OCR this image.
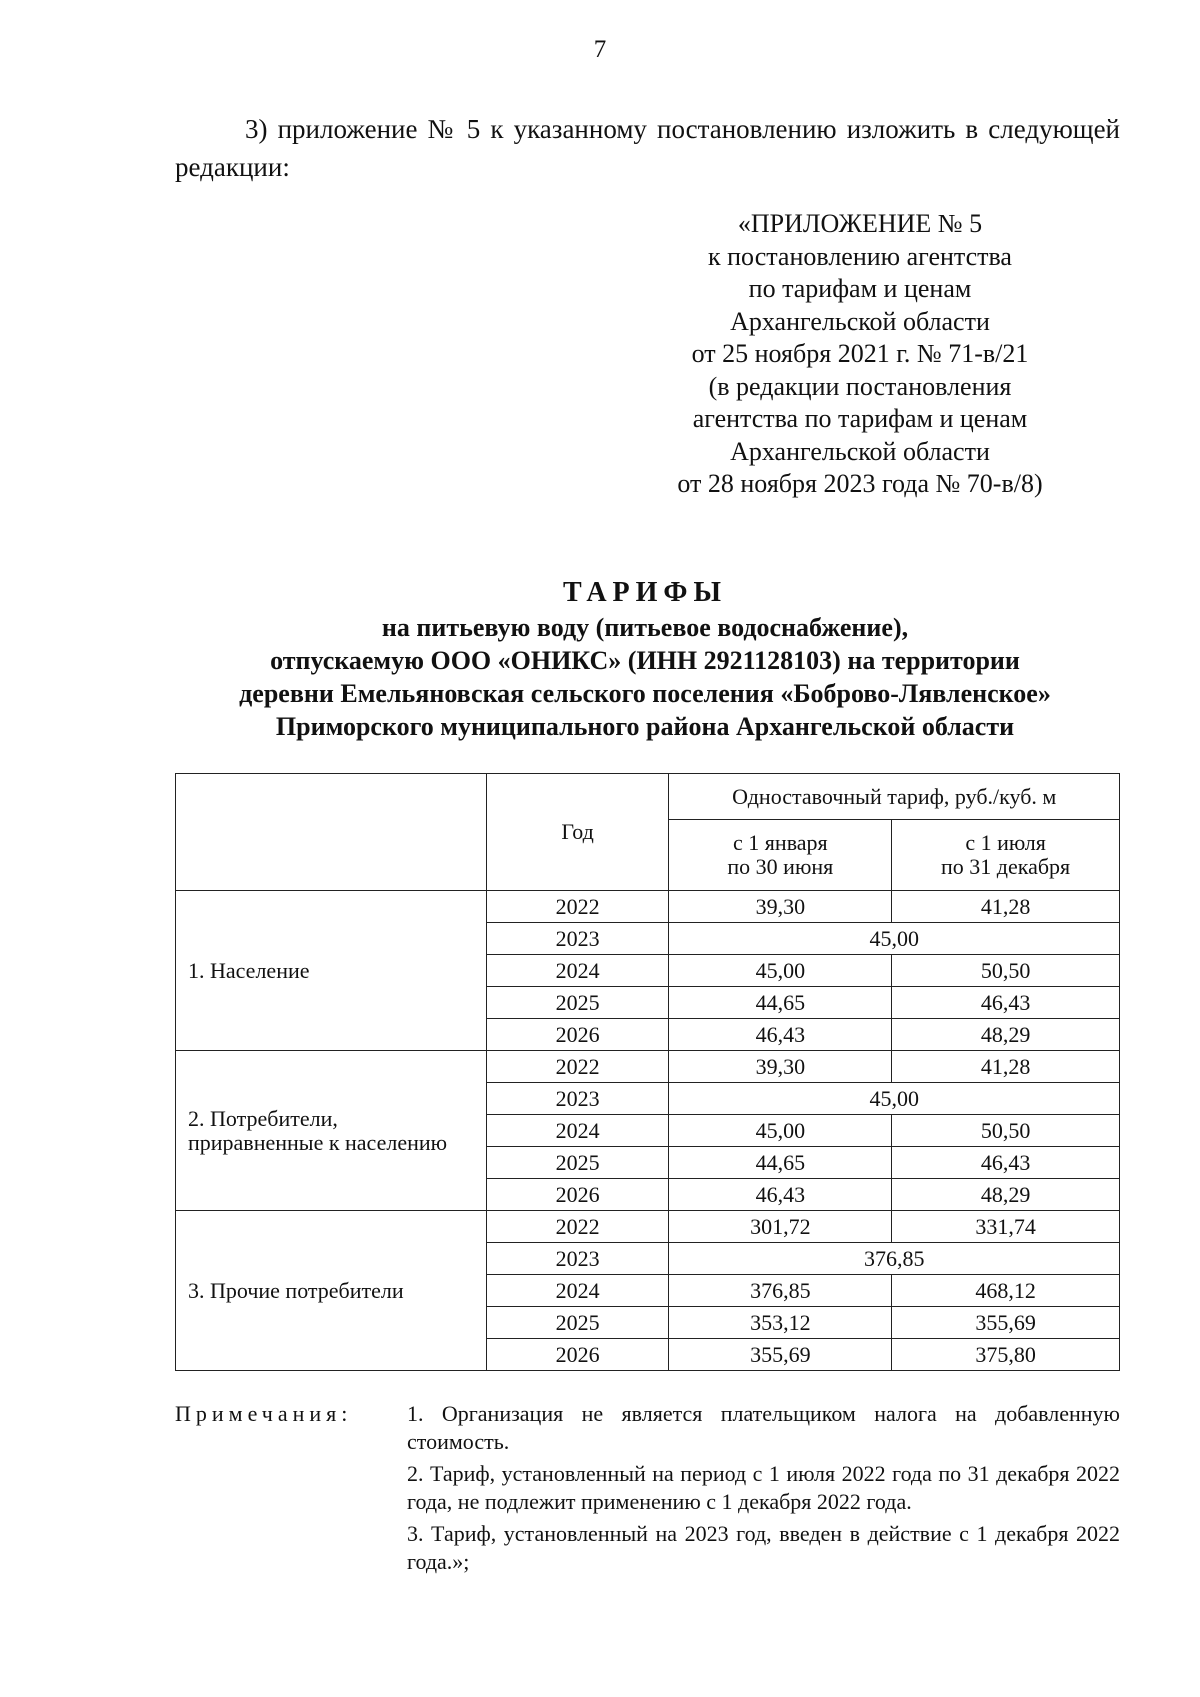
7
3) приложение № 5 к указанному постановлению изложить в следующей редакции:
«ПРИЛОЖЕНИЕ № 5
к постановлению агентства
по тарифам и ценам
Архангельской области
от 25 ноября 2021 г. № 71-в/21
(в редакции постановления
агентства по тарифам и ценам
Архангельской области
от 28 ноября 2023 года № 70-в/8)
ТАРИФЫ
на питьевую воду (питьевое водоснабжение),
отпускаемую ООО «ОНИКС» (ИНН 2921128103) на территории
деревни Емельяновская сельского поселения «Боброво-Лявленское»
Приморского муниципального района Архангельской области
	Год	Одноставочный тариф, руб./куб. м	
		с 1 января
по 30 июня	с 1 июля
по 31 декабря
1. Население	2022	39,30	41,28
	2023	45,00	
	2024	45,00	50,50
	2025	44,65	46,43
	2026	46,43	48,29
2. Потребители,
приравненные к населению	2022	39,30	41,28
	2023	45,00	
	2024	45,00	50,50
	2025	44,65	46,43
	2026	46,43	48,29
3. Прочие потребители	2022	301,72	331,74
	2023	376,85	
	2024	376,85	468,12
	2025	353,12	355,69
	2026	355,69	375,80
Примечания: 1. Организация не является плательщиком налога на добавленную стоимость.
2. Тариф, установленный на период с 1 июля 2022 года по 31 декабря 2022 года, не подлежит применению с 1 декабря 2022 года.
3. Тариф, установленный на 2023 год, введен в действие с 1 декабря 2022 года.»;
